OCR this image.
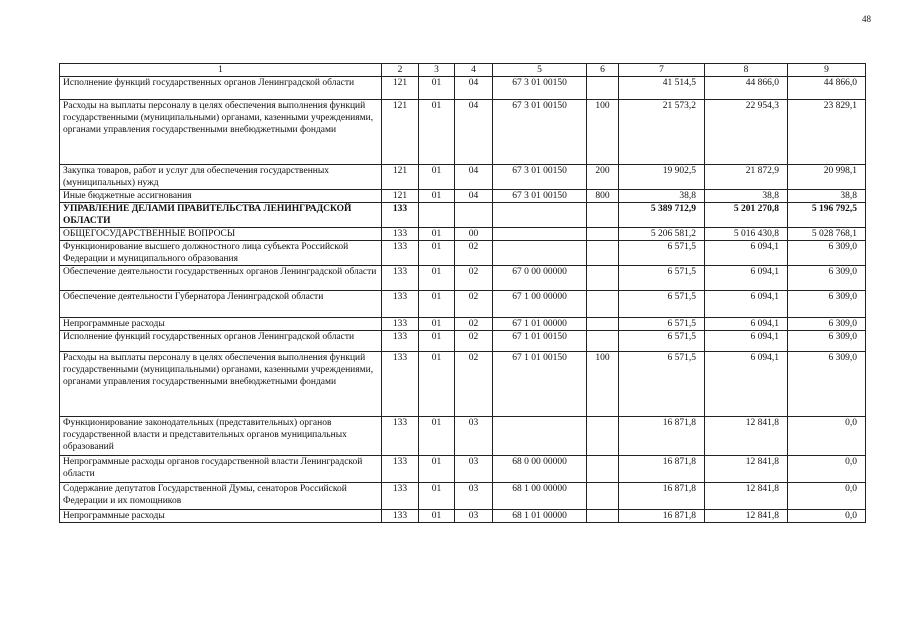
48
1	2	3	4	5	6	7	8	9
Исполнение функций государственных органов Ленинградской области	121	01	04	67 3 01 00150		41 514,5	44 866,0	44 866,0
Расходы на выплаты персоналу в целях обеспечения выполнения функций государственными (муниципальными) органами, казенными учреждениями, органами управления государственными внебюджетными фондами	121	01	04	67 3 01 00150	100	21 573,2	22 954,3	23 829,1
Закупка товаров, работ и услуг для обеспечения государственных (муниципальных) нужд	121	01	04	67 3 01 00150	200	19 902,5	21 872,9	20 998,1
Иные бюджетные ассигнования	121	01	04	67 3 01 00150	800	38,8	38,8	38,8
УПРАВЛЕНИЕ ДЕЛАМИ ПРАВИТЕЛЬСТВА ЛЕНИНГРАДСКОЙ ОБЛАСТИ	133					5 389 712,9	5 201 270,8	5 196 792,5
ОБЩЕГОСУДАРСТВЕННЫЕ ВОПРОСЫ	133	01	00			5 206 581,2	5 016 430,8	5 028 768,1
Функционирование высшего должностного лица субъекта Российской Федерации и муниципального образования	133	01	02			6 571,5	6 094,1	6 309,0
Обеспечение деятельности государственных органов Ленинградской области	133	01	02	67 0 00 00000		6 571,5	6 094,1	6 309,0
Обеспечение деятельности Губернатора Ленинградской области	133	01	02	67 1 00 00000		6 571,5	6 094,1	6 309,0
Непрограммные расходы	133	01	02	67 1 01 00000		6 571,5	6 094,1	6 309,0
Исполнение функций государственных органов Ленинградской области	133	01	02	67 1 01 00150		6 571,5	6 094,1	6 309,0
Расходы на выплаты персоналу в целях обеспечения выполнения функций государственными (муниципальными) органами, казенными учреждениями, органами управления государственными внебюджетными фондами	133	01	02	67 1 01 00150	100	6 571,5	6 094,1	6 309,0
Функционирование законодательных (представительных) органов государственной власти и представительных органов муниципальных образований	133	01	03			16 871,8	12 841,8	0,0
Непрограммные расходы органов государственной власти Ленинградской области	133	01	03	68 0 00 00000		16 871,8	12 841,8	0,0
Содержание депутатов Государственной Думы, сенаторов Российской Федерации и их помощников	133	01	03	68 1 00 00000		16 871,8	12 841,8	0,0
Непрограммные расходы	133	01	03	68 1 01 00000		16 871,8	12 841,8	0,0
